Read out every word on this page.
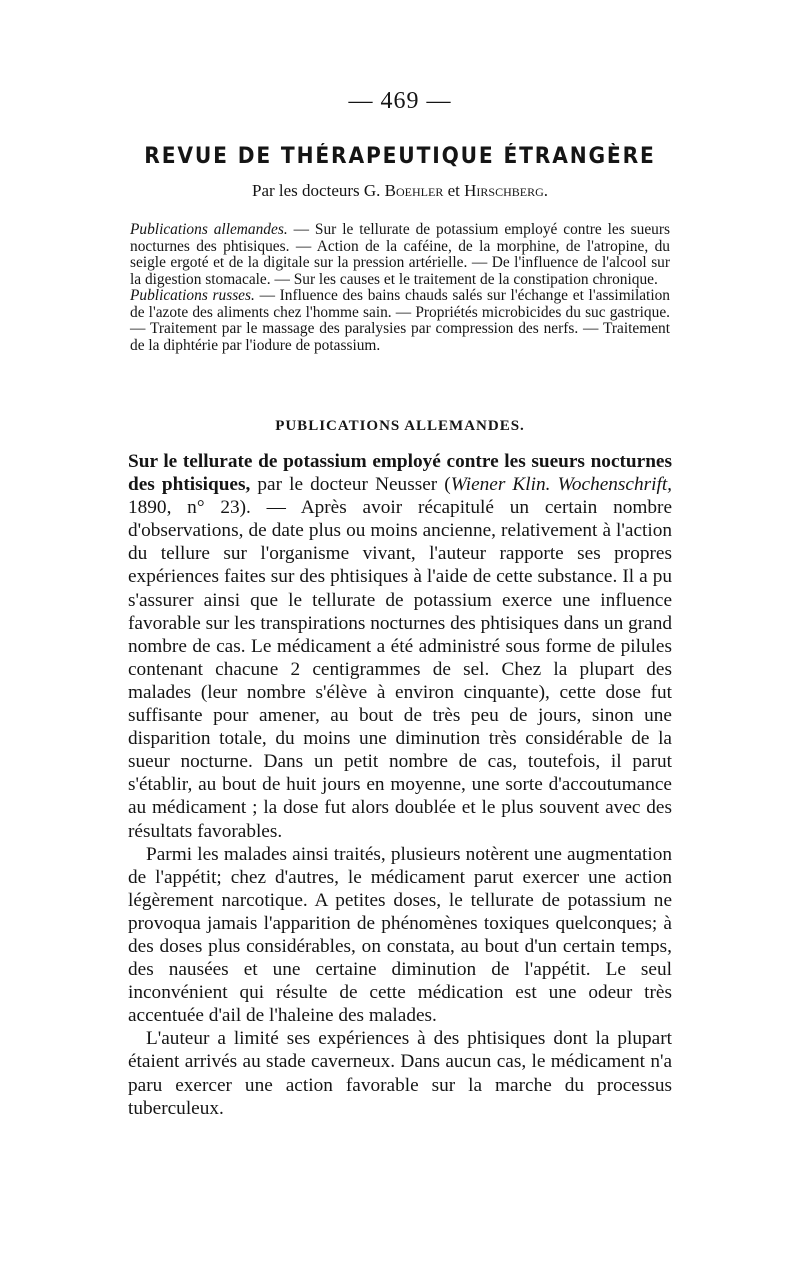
— 469 —
REVUE DE THÉRAPEUTIQUE ÉTRANGÈRE
Par les docteurs G. Boehler et Hirschberg.

Publications allemandes. — Sur le tellurate de potassium employé contre les sueurs nocturnes des phtisiques. — Action de la caféine, de la morphine, de l'atropine, du seigle ergoté et de la digitale sur la pression artérielle. — De l'influence de l'alcool sur la digestion stomacale. — Sur les causes et le traitement de la constipation chronique.

Publications russes. — Influence des bains chauds salés sur l'échange et l'assimilation de l'azote des aliments chez l'homme sain. — Propriétés microbicides du suc gastrique. — Traitement par le massage des paralysies par compression des nerfs. — Traitement de la diphtérie par l'iodure de potassium.

PUBLICATIONS ALLEMANDES.

Sur le tellurate de potassium employé contre les sueurs nocturnes des phtisiques, par le docteur Neusser (Wiener Klin. Wochenschrift, 1890, n° 23). — Après avoir récapitulé un certain nombre d'observations, de date plus ou moins ancienne, relativement à l'action du tellure sur l'organisme vivant, l'auteur rapporte ses propres expériences faites sur des phtisiques à l'aide de cette substance. Il a pu s'assurer ainsi que le tellurate de potassium exerce une influence favorable sur les transpirations nocturnes des phtisiques dans un grand nombre de cas. Le médicament a été administré sous forme de pilules contenant chacune 2 centigrammes de sel. Chez la plupart des malades (leur nombre s'élève à environ cinquante), cette dose fut suffisante pour amener, au bout de très peu de jours, sinon une disparition totale, du moins une diminution très considérable de la sueur nocturne. Dans un petit nombre de cas, toutefois, il parut s'établir, au bout de huit jours en moyenne, une sorte d'accoutumance au médicament ; la dose fut alors doublée et le plus souvent avec des résultats favorables.

Parmi les malades ainsi traités, plusieurs notèrent une augmentation de l'appétit; chez d'autres, le médicament parut exercer une action légèrement narcotique. A petites doses, le tellurate de potassium ne provoqua jamais l'apparition de phénomènes toxiques quelconques; à des doses plus considérables, on constata, au bout d'un certain temps, des nausées et une certaine diminution de l'appétit. Le seul inconvénient qui résulte de cette médication est une odeur très accentuée d'ail de l'haleine des malades.

L'auteur a limité ses expériences à des phtisiques dont la plupart étaient arrivés au stade caverneux. Dans aucun cas, le médicament n'a paru exercer une action favorable sur la marche du processus tuberculeux.
